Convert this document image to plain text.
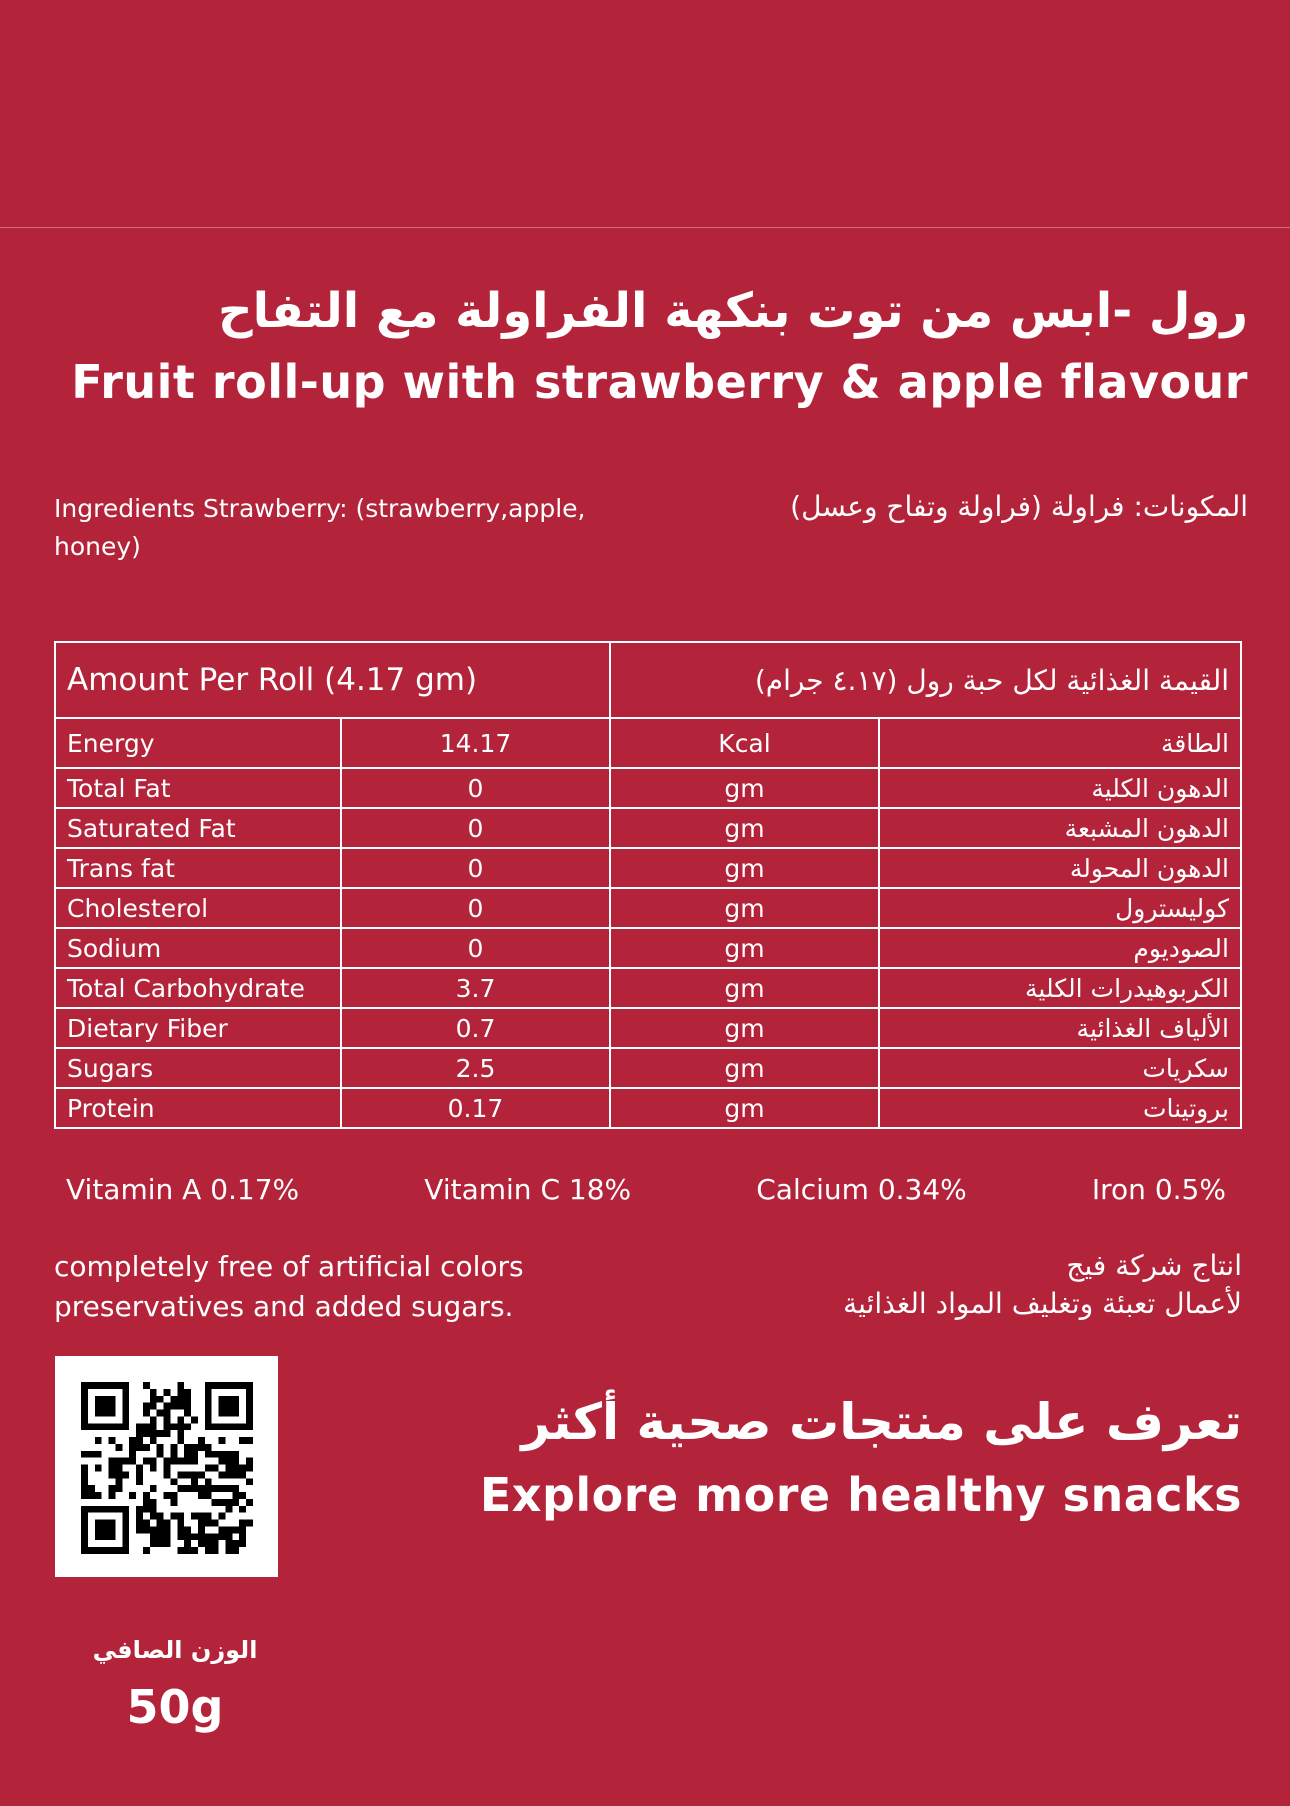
رول -ابس من توت بنكهة الفراولة مع التفاح
Fruit roll-up with strawberry & apple flavour
Ingredients Strawberry: (strawberry,apple, honey)
المكونات: فراولة (فراولة وتفاح وعسل)
Amount Per Roll (4.17 gm)		القيمة الغذائية لكل حبة رول (٤.١٧ جرام)	
Energy	14.17	Kcal	الطاقة
Total Fat	0	gm	الدهون الكلية
Saturated Fat	0	gm	الدهون المشبعة
Trans fat	0	gm	الدهون المحولة
Cholesterol	0	gm	كوليسترول
Sodium	0	gm	الصوديوم
Total Carbohydrate	3.7	gm	الكربوهيدرات الكلية
Dietary Fiber	0.7	gm	الألياف الغذائية
Sugars	2.5	gm	سكريات
Protein	0.17	gm	بروتينات
Vitamin A 0.17%	Vitamin C 18%	Calcium 0.34%	Iron 0.5%
completely free of artificial colors
preservatives and added sugars.
انتاج شركة فيج
لأعمال تعبئة وتغليف المواد الغذائية
تعرف على منتجات صحية أكثر
Explore more healthy snacks
الوزن الصافي
50g
